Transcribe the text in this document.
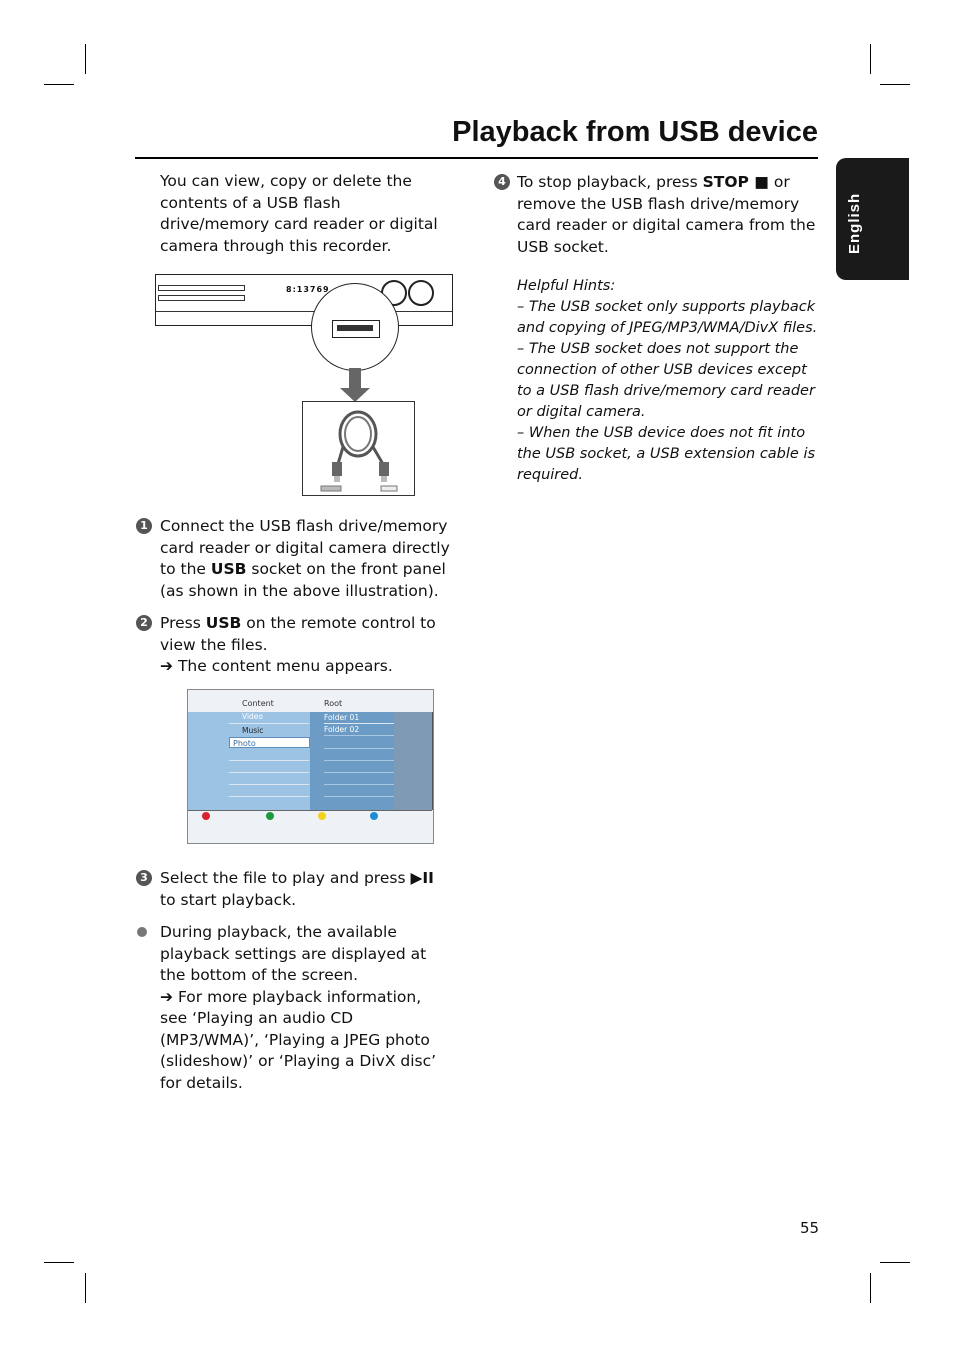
Playback from USB device
English
You can view, copy or delete the contents of a USB flash drive/memory card reader or digital camera through this recorder.
8:13769
1 Connect the USB flash drive/memory card reader or digital camera directly to the USB socket on the front panel (as shown in the above illustration).
2 Press USB on the remote control to view the files.
➔ The content menu appears.
Content	Root
Video
Music
Photo
Folder 01
Folder 02
3 Select the file to play and press ▶II to start playback.
During playback, the available playback settings are displayed at the bottom of the screen.
➔ For more playback information, see ‘Playing an audio CD (MP3/WMA)’, ‘Playing a JPEG photo (slideshow)’ or ‘Playing a DivX disc’ for details.
4 To stop playback, press STOP ■ or remove the USB flash drive/memory card reader or digital camera from the USB socket.
Helpful Hints:
– The USB socket only supports playback and copying of JPEG/MP3/WMA/DivX files.
– The USB socket does not support the connection of other USB devices except to a USB flash drive/memory card reader or digital camera.
– When the USB device does not fit into the USB socket, a USB extension cable is required.
55
